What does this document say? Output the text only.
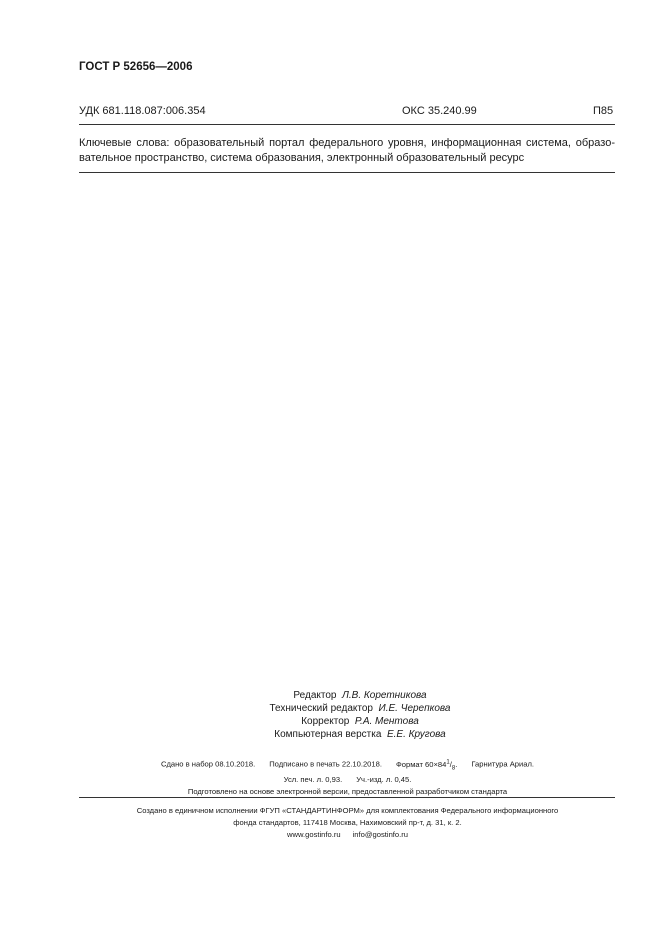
ГОСТ Р 52656—2006
УДК 681.118.087:006.354	ОКС 35.240.99	П85
Ключевые слова: образовательный портал федерального уровня, информационная система, образо-
вательное пространство, система образования, электронный образовательный ресурс
Редактор Л.В. Коретникова
Технический редактор И.Е. Черепкова
Корректор Р.А. Ментова
Компьютерная верстка Е.Е. Кругова
Сдано в набор 08.10.2018. Подписано в печать 22.10.2018. Формат $60\times 84^1/_8$. Гарнитура Ариал.
Усл. печ. л. 0,93. Уч.-изд. л. 0,45.
Подготовлено на основе электронной версии, предоставленной разработчиком стандарта
Создано в единичном исполнении ФГУП «СТАНДАРТИНФОРМ» для комплектования Федерального информационного
фонда стандартов, 117418 Москва, Нахимовский пр-т, д. 31, к. 2.
www.gostinfo.ru info@gostinfo.ru
